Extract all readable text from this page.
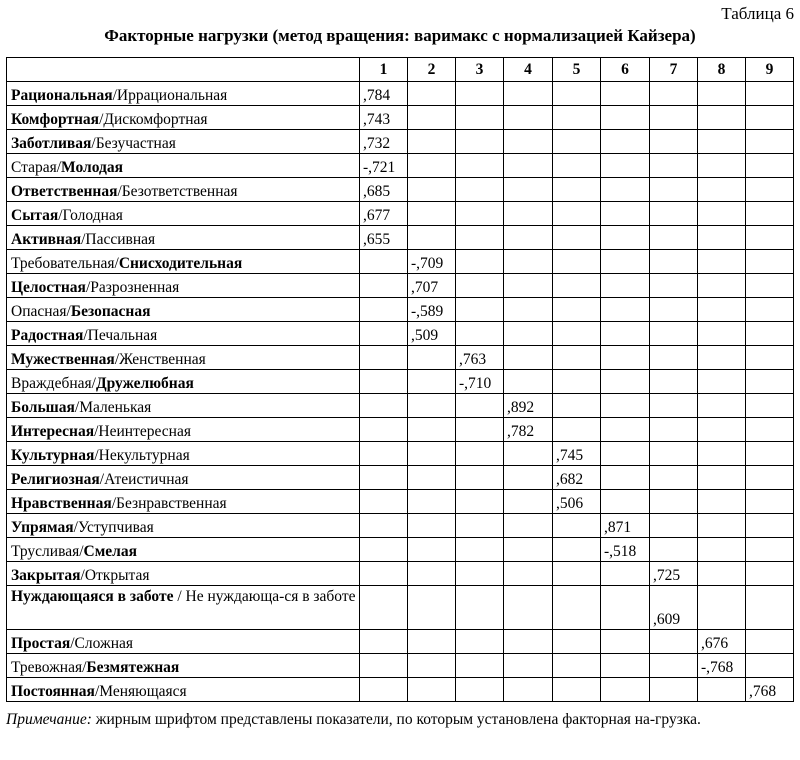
Таблица 6
Факторные нагрузки (метод вращения: варимакс с нормализацией Кайзера)
	1	2	3	4	5	6	7	8	9
Рациональная/Иррациональная	,784								
Комфортная/Дискомфортная	,743								
Заботливая/Безучастная	,732								
Старая/Молодая	-,721								
Ответственная/Безответственная	,685								
Сытая/Голодная	,677								
Активная/Пассивная	,655								
Требовательная/Снисходительная		-,709							
Целостная/Разрозненная		,707							
Опасная/Безопасная		-,589							
Радостная/Печальная		,509							
Мужественная/Женственная			,763						
Враждебная/Дружелюбная			-,710						
Большая/Маленькая				,892					
Интересная/Неинтересная				,782					
Культурная/Некультурная					,745				
Религиозная/Атеистичная					,682				
Нравственная/Безнравственная					,506				
Упрямая/Уступчивая						,871			
Трусливая/Смелая						-,518			
Закрытая/Открытая							,725		
Нуждающаяся в заботе / Не нуждающа-ся в заботе							,609		
Простая/Сложная								,676	
Тревожная/Безмятежная								-,768	
Постоянная/Меняющаяся									,768
Примечание: жирным шрифтом представлены показатели, по которым установлена факторная на-грузка.
